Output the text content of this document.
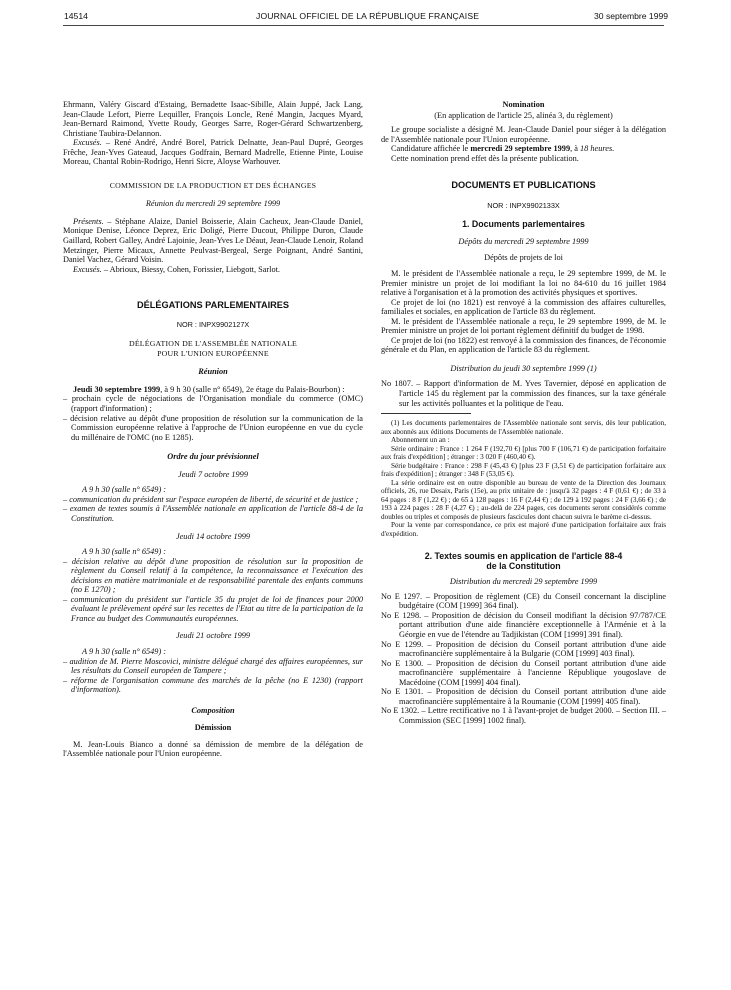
14514	JOURNAL OFFICIEL DE LA RÉPUBLIQUE FRANÇAISE	30 septembre 1999

Ehrmann, Valéry Giscard d'Estaing, Bernadette Isaac-Sibille, Alain Juppé, Jack Lang, Jean-Claude Lefort, Pierre Lequiller, François Loncle, René Mangin, Jacques Myard, Jean-Bernard Raimond, Yvette Roudy, Georges Sarre, Roger-Gérard Schwartzenberg, Christiane Taubira-Delannon.

Excusés. – René André, André Borel, Patrick Delnatte, Jean-Paul Dupré, Georges Frêche, Jean-Yves Gateaud, Jacques Godfrain, Bernard Madrelle, Etienne Pinte, Louise Moreau, Chantal Robin-Rodrigo, Henri Sicre, Aloyse Warhouver.

COMMISSION DE LA PRODUCTION ET DES ÉCHANGES

Réunion du mercredi 29 septembre 1999

Présents. – Stéphane Alaize, Daniel Boisserie, Alain Cacheux, Jean-Claude Daniel, Monique Denise, Léonce Deprez, Eric Doligé, Pierre Ducout, Philippe Duron, Claude Gaillard, Robert Galley, André Lajoinie, Jean-Yves Le Déaut, Jean-Claude Lenoir, Roland Metzinger, Pierre Micaux, Annette Peulvast-Bergeal, Serge Poignant, André Santini, Daniel Vachez, Gérard Voisin.

Excusés. – Abrioux, Biessy, Cohen, Forissier, Liebgott, Sarlot.

DÉLÉGATIONS PARLEMENTAIRES

NOR : INPX9902127X

DÉLÉGATION DE L'ASSEMBLÉE NATIONALE

POUR L'UNION EUROPÉENNE

Réunion

Jeudi 30 septembre 1999, à 9 h 30 (salle n° 6549), 2e étage du Palais-Bourbon) :

– prochain cycle de négociations de l'Organisation mondiale du commerce (OMC) (rapport d'information) ;

– décision relative au dépôt d'une proposition de résolution sur la communication de la Commission européenne relative à l'approche de l'Union européenne en vue du cycle du millénaire de l'OMC (no E 1285).

Ordre du jour prévisionnel

Jeudi 7 octobre 1999

A 9 h 30 (salle n° 6549) :

– communication du président sur l'espace européen de liberté, de sécurité et de justice ;

– examen de textes soumis à l'Assemblée nationale en application de l'article 88-4 de la Constitution.

Jeudi 14 octobre 1999

A 9 h 30 (salle n° 6549) :

– décision relative au dépôt d'une proposition de résolution sur la proposition de règlement du Conseil relatif à la compétence, la reconnaissance et l'exécution des décisions en matière matrimoniale et de responsabilité parentale des enfants communs (no E 1270) ;

– communication du président sur l'article 35 du projet de loi de finances pour 2000 évaluant le prélèvement opéré sur les recettes de l'Etat au titre de la participation de la France au budget des Communautés européennes.

Jeudi 21 octobre 1999

A 9 h 30 (salle n° 6549) :

– audition de M. Pierre Moscovici, ministre délégué chargé des affaires européennes, sur les résultats du Conseil européen de Tampere ;

– réforme de l'organisation commune des marchés de la pêche (no E 1230) (rapport d'information).

Composition

Démission

M. Jean-Louis Bianco a donné sa démission de membre de la délégation de l'Assemblée nationale pour l'Union européenne.

Nomination

(En application de l'article 25, alinéa 3, du règlement)

Le groupe socialiste a désigné M. Jean-Claude Daniel pour siéger à la délégation de l'Assemblée nationale pour l'Union européenne.

Candidature affichée le mercredi 29 septembre 1999, à 18 heures.

Cette nomination prend effet dès la présente publication.

DOCUMENTS ET PUBLICATIONS

NOR : INPX9902133X

1. Documents parlementaires

Dépôts du mercredi 29 septembre 1999

Dépôts de projets de loi

M. le président de l'Assemblée nationale a reçu, le 29 septembre 1999, de M. le Premier ministre un projet de loi modifiant la loi no 84-610 du 16 juillet 1984 relative à l'organisation et à la promotion des activités physiques et sportives.

Ce projet de loi (no 1821) est renvoyé à la commission des affaires culturelles, familiales et sociales, en application de l'article 83 du règlement.

M. le président de l'Assemblée nationale a reçu, le 29 septembre 1999, de M. le Premier ministre un projet de loi portant règlement définitif du budget de 1998.

Ce projet de loi (no 1822) est renvoyé à la commission des finances, de l'économie générale et du Plan, en application de l'article 83 du règlement.

Distribution du jeudi 30 septembre 1999 (1)

No 1807. – Rapport d'information de M. Yves Tavernier, déposé en application de l'article 145 du règlement par la commission des finances, sur la taxe générale sur les activités polluantes et la politique de l'eau.

(1) Les documents parlementaires de l'Assemblée nationale sont servis, dès leur publication, aux abonnés aux éditions Documents de l'Assemblée nationale.

Abonnement un an :

Série ordinaire : France : 1 264 F (192,70 €) [plus 700 F (106,71 €) de participation forfaitaire aux frais d'expédition] ; étranger : 3 020 F (460,40 €).

Série budgétaire : France : 298 F (45,43 €) [plus 23 F (3,51 €) de participation forfaitaire aux frais d'expédition] ; étranger : 348 F (53,05 €).

La série ordinaire est en outre disponible au bureau de vente de la Direction des Journaux officiels, 26, rue Desaix, Paris (15e), au prix unitaire de : jusqu'à 32 pages : 4 F (0,61 €) ; de 33 à 64 pages : 8 F (1,22 €) ; de 65 à 128 pages : 16 F (2,44 €) ; de 129 à 192 pages : 24 F (3,66 €) ; de 193 à 224 pages : 28 F (4,27 €) ; au-delà de 224 pages, ces documents seront considérés comme doubles ou triples et composés de plusieurs fascicules dont chacun suivra le barème ci-dessus.

Pour la vente par correspondance, ce prix est majoré d'une participation forfaitaire aux frais d'expédition.

2. Textes soumis en application de l'article 88-4

de la Constitution

Distribution du mercredi 29 septembre 1999

No E 1297. – Proposition de règlement (CE) du Conseil concernant la discipline budgétaire (COM [1999] 364 final).

No E 1298. – Proposition de décision du Conseil modifiant la décision 97/787/CE portant attribution d'une aide financière exceptionnelle à l'Arménie et à la Géorgie en vue de l'étendre au Tadjikistan (COM [1999] 391 final).

No E 1299. – Proposition de décision du Conseil portant attribution d'une aide macrofinancière supplémentaire à la Bulgarie (COM [1999] 403 final).

No E 1300. – Proposition de décision du Conseil portant attribution d'une aide macrofinancière supplémentaire à l'ancienne République yougoslave de Macédoine (COM [1999] 404 final).

No E 1301. – Proposition de décision du Conseil portant attribution d'une aide macrofinancière supplémentaire à la Roumanie (COM [1999] 405 final).

No E 1302. – Lettre rectificative no 1 à l'avant-projet de budget 2000. – Section III. – Commission (SEC [1999] 1002 final).
